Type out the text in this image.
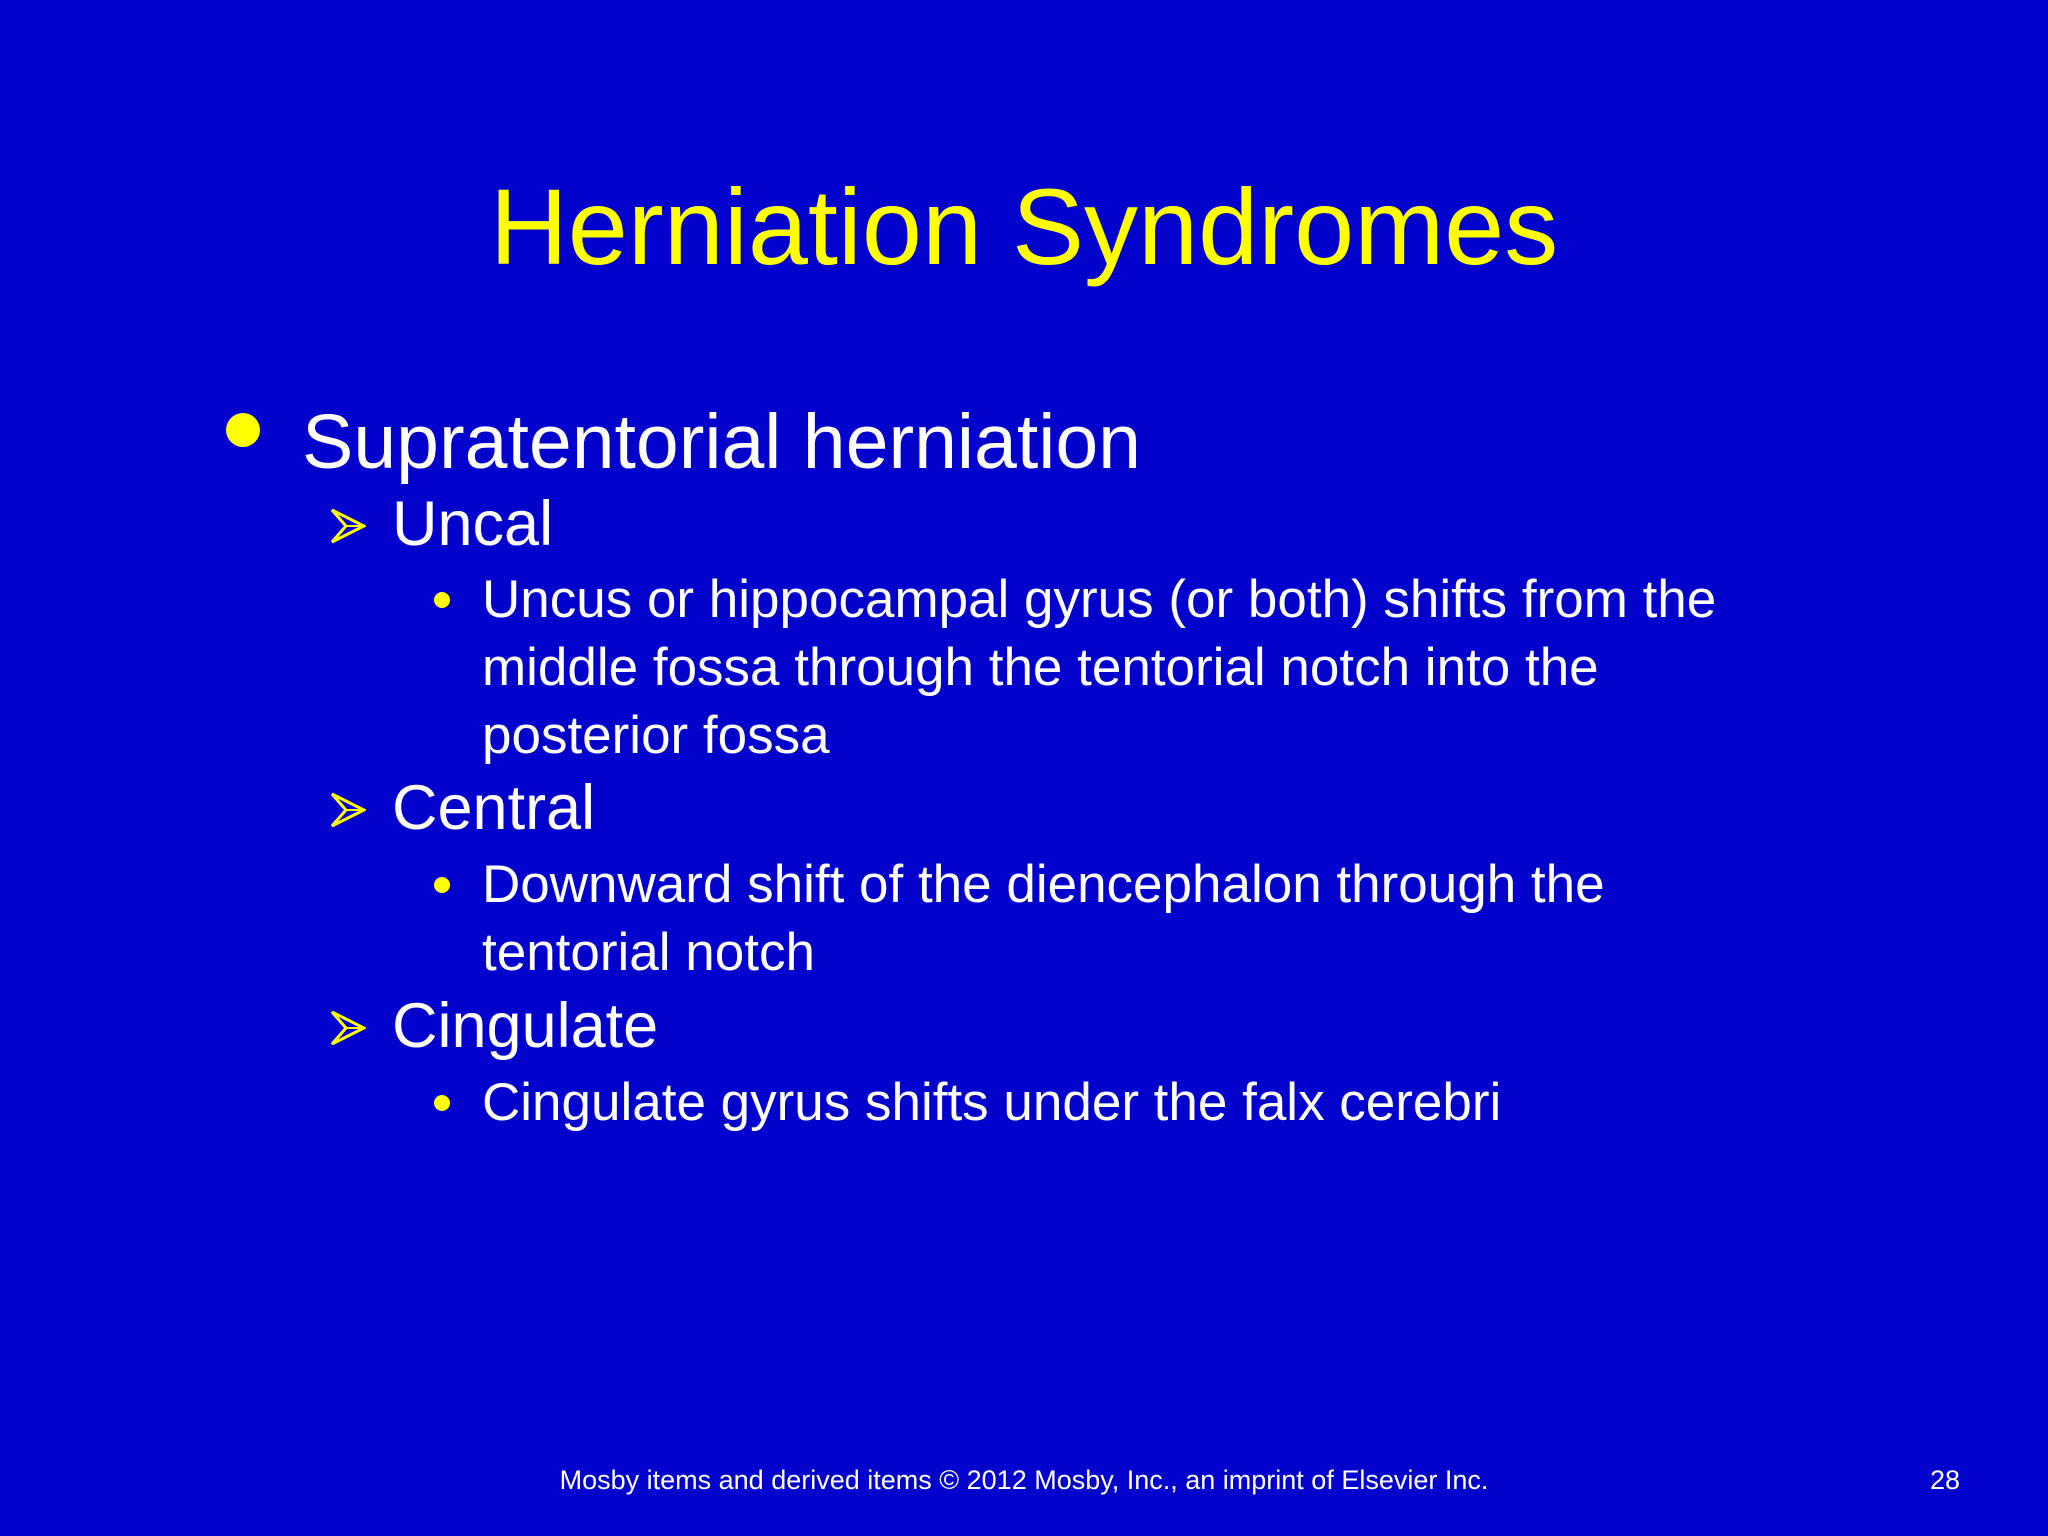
Herniation Syndromes
Supratentorial herniation
Uncal
Uncus or hippocampal gyrus (or both) shifts from the
middle fossa through the tentorial notch into the
posterior fossa
Central
Downward shift of the diencephalon through the
tentorial notch
Cingulate
Cingulate gyrus shifts under the falx cerebri
Mosby items and derived items © 2012 Mosby, Inc., an imprint of Elsevier Inc.	28
